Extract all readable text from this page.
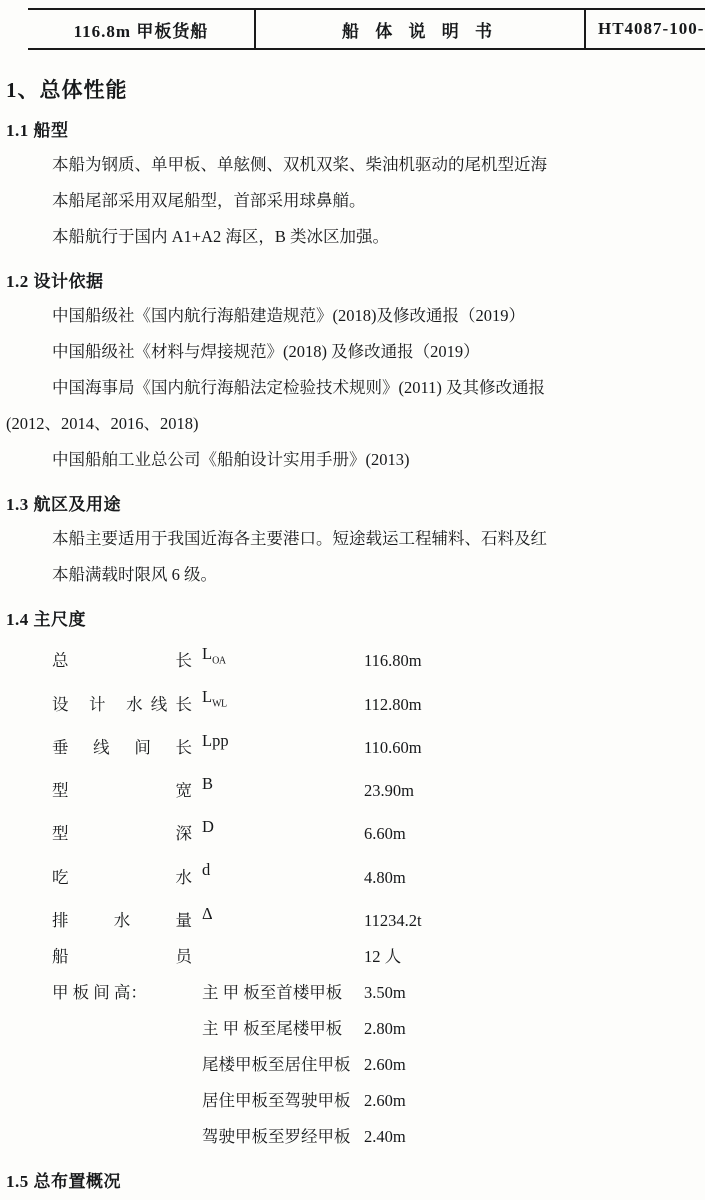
116.8m 甲板货船	船 体 说 明 书	HT4087-100-
1、总体性能
1.1 船型

本船为钢质、单甲板、单舷侧、双机双桨、柴油机驱动的尾机型近海

本船尾部采用双尾船型，首部采用球鼻艏。

本船航行于国内 A1+A2 海区，B 类冰区加强。

1.2 设计依据

中国船级社《国内航行海船建造规范》(2018)及修改通报（2019）

中国船级社《材料与焊接规范》(2018) 及修改通报（2019）

中国海事局《国内航行海船法定检验技术规则》(2011) 及其修改通报

(2012、2014、2016、2018)

中国船舶工业总公司《船舶设计实用手册》(2013)

1.3 航区及用途

本船主要适用于我国近海各主要港口。短途载运工程辅料、石料及红

本船满载时限风 6 级。

1.4 主尺度
总　　长	$L_{OA}$	116.80m
设 计 水线长	$L_{WL}$	112.80m
垂 线 间 长	Lpp	110.60m
型　　宽	B	23.90m
型　　深	D	6.60m
吃　　水	d	4.80m
排 水 量	Δ	11234.2t
船　　员		12 人
甲 板 间 高：	主 甲 板至首楼甲板	3.50m
	主 甲 板至尾楼甲板	2.80m
	尾楼甲板至居住甲板	2.60m
	居住甲板至驾驶甲板	2.60m
	驾驶甲板至罗经甲板	2.40m
1.5 总布置概况
